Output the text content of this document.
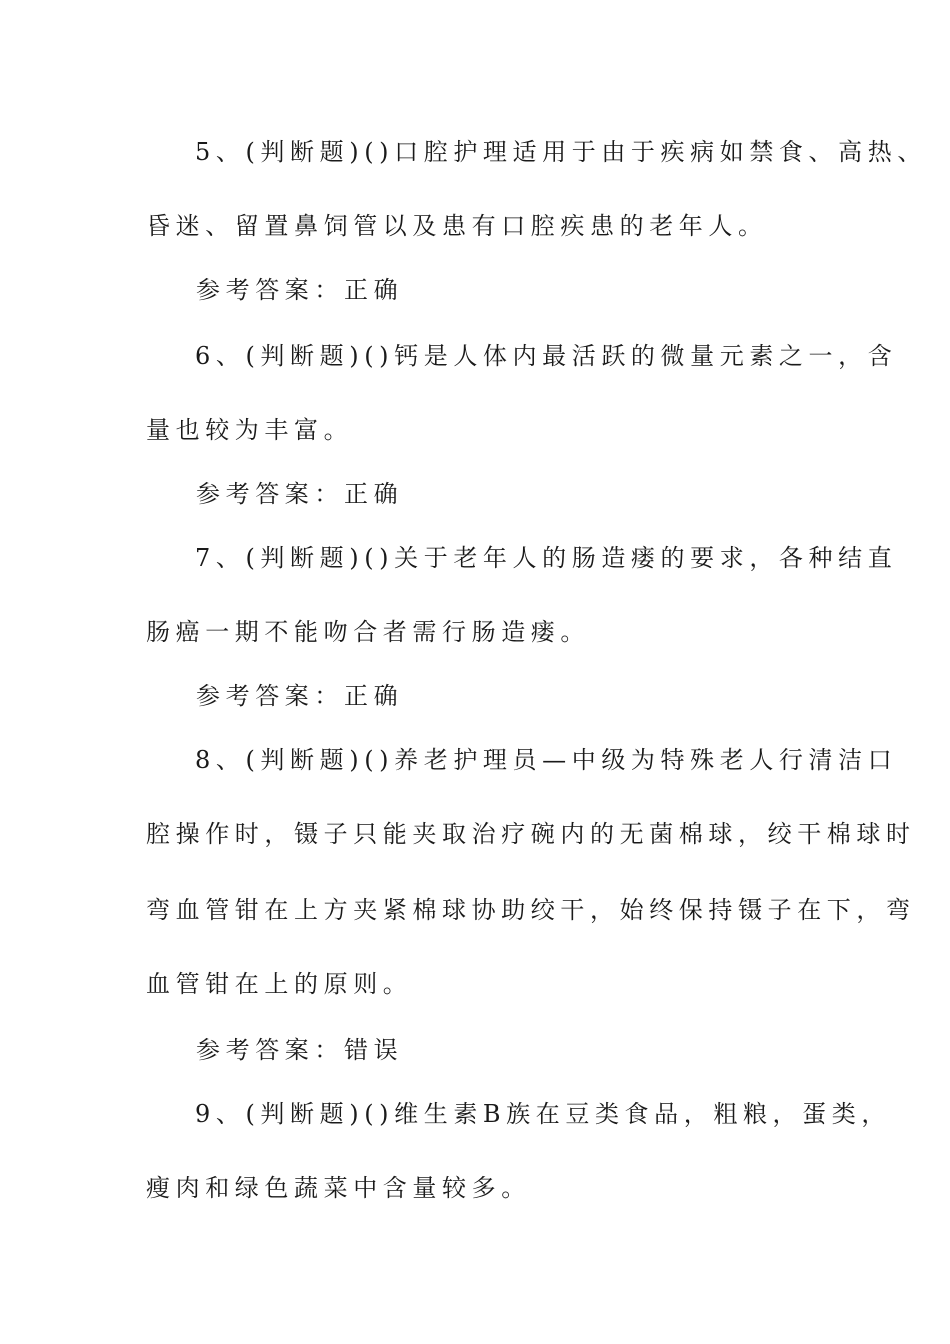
5、(判断题)()口腔护理适用于由于疾病如禁食、高热、
昏迷、留置鼻饲管以及患有口腔疾患的老年人。
参考答案：正确
6、(判断题)()钙是人体内最活跃的微量元素之一，含
量也较为丰富。
参考答案：正确
7、(判断题)()关于老年人的肠造瘘的要求，各种结直
肠癌一期不能吻合者需行肠造瘘。
参考答案：正确
8、(判断题)()养老护理员—中级为特殊老人行清洁口
腔操作时，镊子只能夹取治疗碗内的无菌棉球，绞干棉球时
弯血管钳在上方夹紧棉球协助绞干，始终保持镊子在下，弯
血管钳在上的原则。
参考答案：错误
9、(判断题)()维生素B族在豆类食品，粗粮，蛋类，
瘦肉和绿色蔬菜中含量较多。
